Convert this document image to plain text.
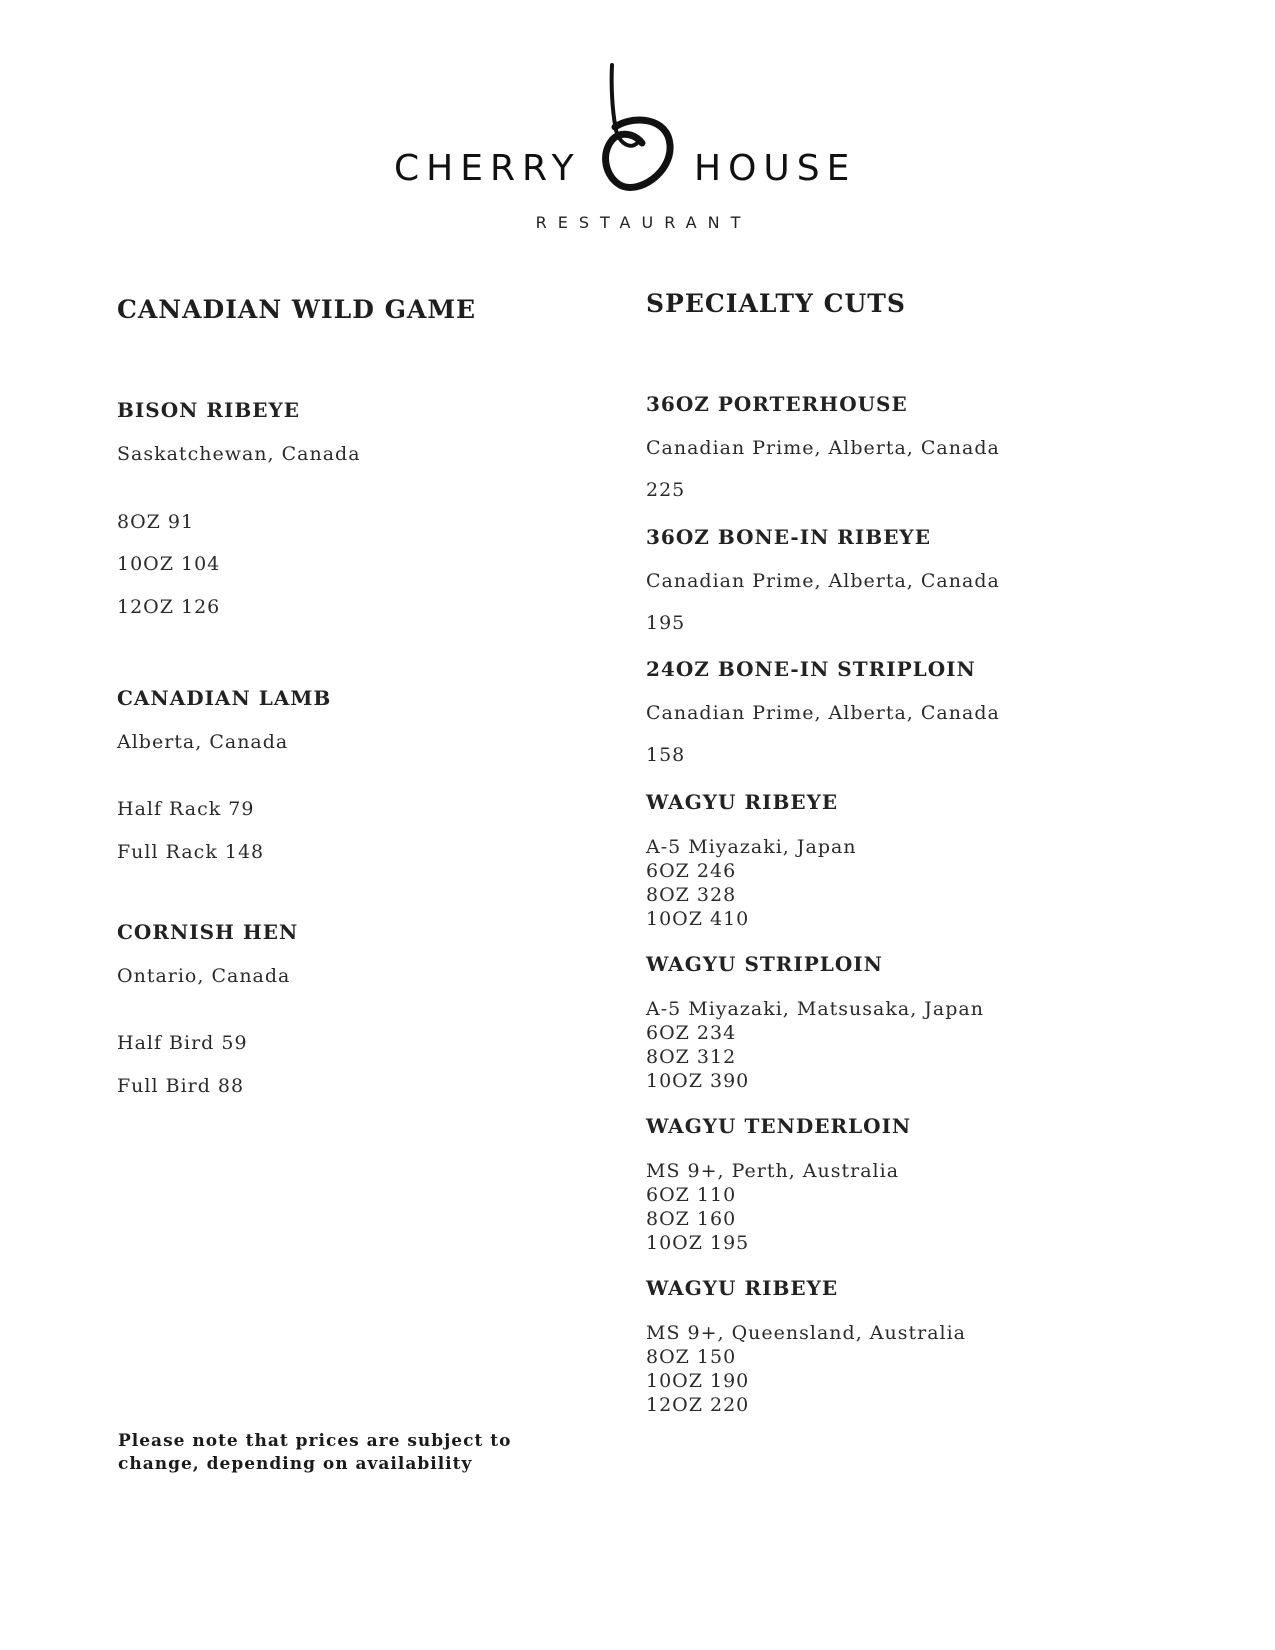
CHERRY	HOUSE
RESTAURANT
CANADIAN WILD GAME
BISON RIBEYE
Saskatchewan, Canada
8OZ 91
10OZ 104
12OZ 126
CANADIAN LAMB
Alberta, Canada
Half Rack 79
Full Rack 148
CORNISH HEN
Ontario, Canada
Half Bird 59
Full Bird 88
SPECIALTY CUTS
36OZ PORTERHOUSE
Canadian Prime, Alberta, Canada
225
36OZ BONE-IN RIBEYE
Canadian Prime, Alberta, Canada
195
24OZ BONE-IN STRIPLOIN
Canadian Prime, Alberta, Canada
158
WAGYU RIBEYE
A-5 Miyazaki, Japan
6OZ 246
8OZ 328
10OZ 410
WAGYU STRIPLOIN
A-5 Miyazaki, Matsusaka, Japan
6OZ 234
8OZ 312
10OZ 390
WAGYU TENDERLOIN
MS 9+, Perth, Australia
6OZ 110
8OZ 160
10OZ 195
WAGYU RIBEYE
MS 9+, Queensland, Australia
8OZ 150
10OZ 190
12OZ 220
Please note that prices are subject to
change, depending on availability
